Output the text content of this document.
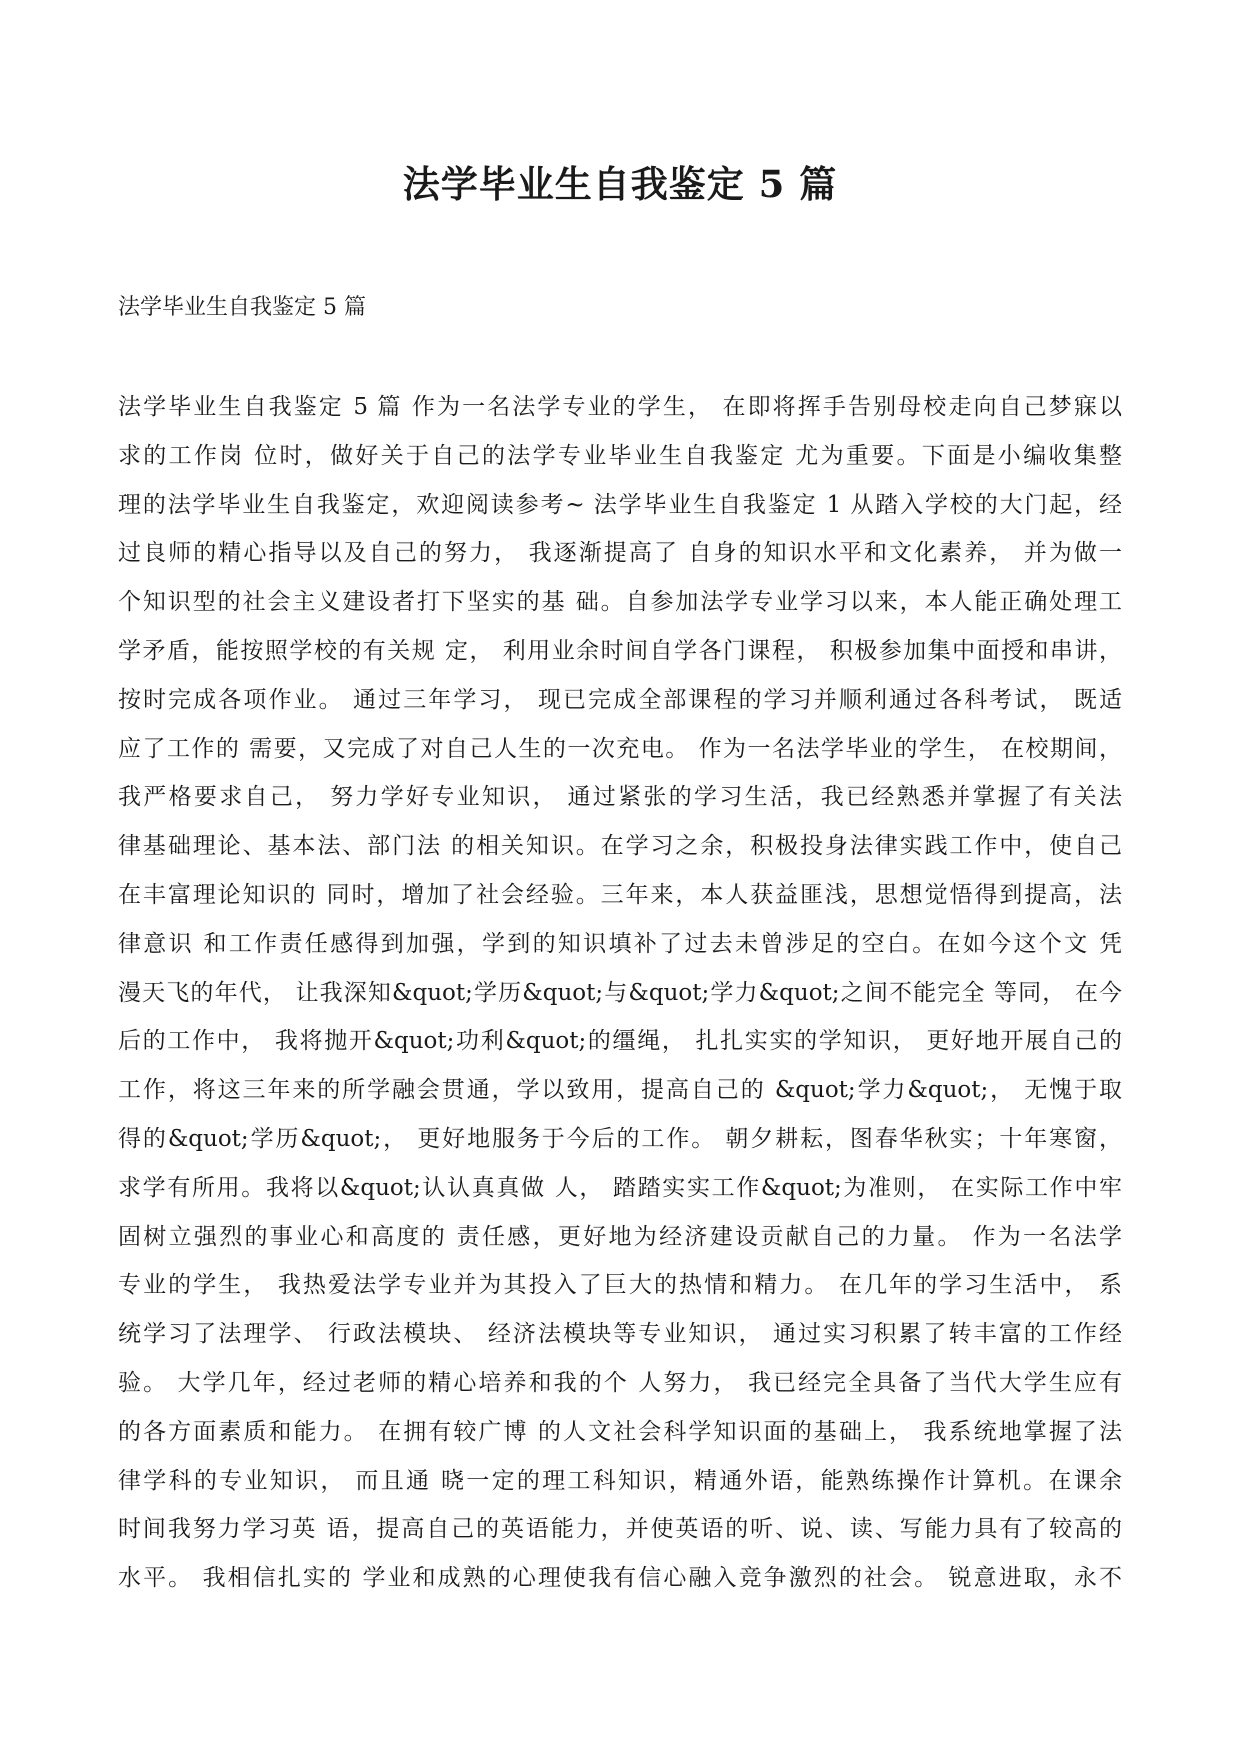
法学毕业生自我鉴定 5 篇

法学毕业生自我鉴定 5 篇

法学毕业生自我鉴定 5 篇 作为一名法学专业的学生， 在即将挥手告别母校走向自己梦寐以
求的工作岗 位时，做好关于自己的法学专业毕业生自我鉴定 尤为重要。下面是小编收集整
理的法学毕业生自我鉴定，欢迎阅读参考~ 法学毕业生自我鉴定 1 从踏入学校的大门起，经
过良师的精心指导以及自己的努力， 我逐渐提高了 自身的知识水平和文化素养， 并为做一
个知识型的社会主义建设者打下坚实的基 础。自参加法学专业学习以来，本人能正确处理工
学矛盾，能按照学校的有关规 定， 利用业余时间自学各门课程， 积极参加集中面授和串讲，
按时完成各项作业。 通过三年学习， 现已完成全部课程的学习并顺利通过各科考试， 既适
应了工作的 需要，又完成了对自己人生的一次充电。 作为一名法学毕业的学生， 在校期间，
我严格要求自己， 努力学好专业知识， 通过紧张的学习生活，我已经熟悉并掌握了有关法
律基础理论、基本法、部门法 的相关知识。在学习之余，积极投身法律实践工作中，使自己
在丰富理论知识的 同时，增加了社会经验。三年来，本人获益匪浅，思想觉悟得到提高，法
律意识 和工作责任感得到加强，学到的知识填补了过去未曾涉足的空白。在如今这个文 凭
漫天飞的年代， 让我深知&quot;学历&quot;与&quot;学力&quot;之间不能完全 等同， 在今
后的工作中， 我将抛开&quot;功利&quot;的缰绳， 扎扎实实的学知识， 更好地开展自己的
工作，将这三年来的所学融会贯通，学以致用，提高自己的 &quot;学力&quot;， 无愧于取
得的&quot;学历&quot;， 更好地服务于今后的工作。 朝夕耕耘，图春华秋实；十年寒窗，
求学有所用。我将以&quot;认认真真做 人， 踏踏实实工作&quot;为准则， 在实际工作中牢
固树立强烈的事业心和高度的 责任感，更好地为经济建设贡献自己的力量。 作为一名法学
专业的学生， 我热爱法学专业并为其投入了巨大的热情和精力。 在几年的学习生活中， 系
统学习了法理学、 行政法模块、 经济法模块等专业知识， 通过实习积累了转丰富的工作经
验。 大学几年，经过老师的精心培养和我的个 人努力， 我已经完全具备了当代大学生应有
的各方面素质和能力。 在拥有较广博 的人文社会科学知识面的基础上， 我系统地掌握了法
律学科的专业知识， 而且通 晓一定的理工科知识，精通外语，能熟练操作计算机。在课余
时间我努力学习英 语，提高自己的英语能力，并使英语的听、说、读、写能力具有了较高的
水平。 我相信扎实的 学业和成熟的心理使我有信心融入竞争激烈的社会。 锐意进取，永不
